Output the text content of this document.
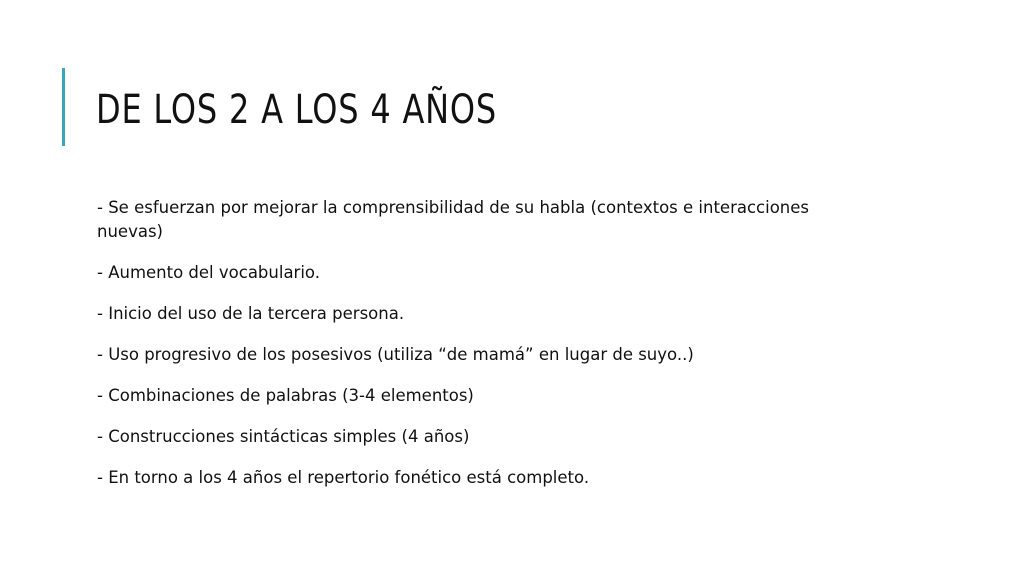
DE LOS 2 A LOS 4 AÑOS
- Se esfuerzan por mejorar la comprensibilidad de su habla (contextos e interacciones nuevas)
- Aumento del vocabulario.
- Inicio del uso de la tercera persona.
- Uso progresivo de los posesivos (utiliza “de mamá” en lugar de suyo..)
- Combinaciones de palabras (3-4 elementos)
- Construcciones sintácticas simples (4 años)
- En torno a los 4 años el repertorio fonético está completo.
